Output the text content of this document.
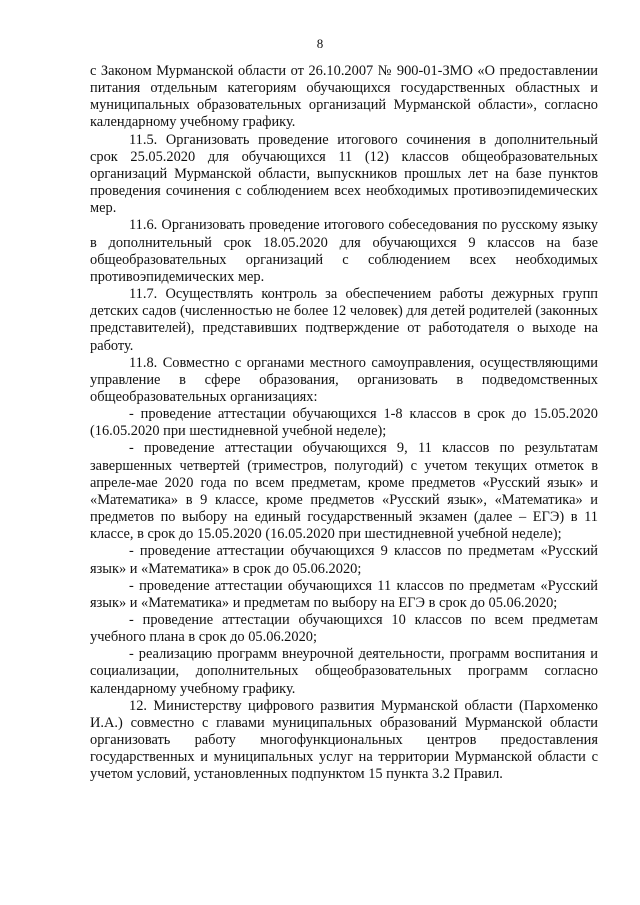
8

с Законом Мурманской области от 26.10.2007 № 900-01-ЗМО «О предоставлении питания отдельным категориям обучающихся государственных областных и муниципальных образовательных организаций Мурманской области», согласно календарному учебному графику.

11.5. Организовать проведение итогового сочинения в дополнительный срок 25.05.2020 для обучающихся 11 (12) классов общеобразовательных организаций Мурманской области, выпускников прошлых лет на базе пунктов проведения сочинения с соблюдением всех необходимых противоэпидемических мер.

11.6. Организовать проведение итогового собеседования по русскому языку в дополнительный срок 18.05.2020 для обучающихся 9 классов на базе общеобразовательных организаций с соблюдением всех необходимых противоэпидемических мер.

11.7. Осуществлять контроль за обеспечением работы дежурных групп детских садов (численностью не более 12 человек) для детей родителей (законных представителей), представивших подтверждение от работодателя о выходе на работу.

11.8. Совместно с органами местного самоуправления, осуществляющими управление в сфере образования, организовать в подведомственных общеобразовательных организациях:

- проведение аттестации обучающихся 1-8 классов в срок до 15.05.2020 (16.05.2020 при шестидневной учебной неделе);

- проведение аттестации обучающихся 9, 11 классов по результатам завершенных четвертей (триместров, полугодий) с учетом текущих отметок в апреле-мае 2020 года по всем предметам, кроме предметов «Русский язык» и «Математика» в 9 классе, кроме предметов «Русский язык», «Математика» и предметов по выбору на единый государственный экзамен (далее – ЕГЭ) в 11 классе, в срок до 15.05.2020 (16.05.2020 при шестидневной учебной неделе);

- проведение аттестации обучающихся 9 классов по предметам «Русский язык» и «Математика» в срок до 05.06.2020;

- проведение аттестации обучающихся 11 классов по предметам «Русский язык» и «Математика» и предметам по выбору на ЕГЭ в срок до 05.06.2020;

- проведение аттестации обучающихся 10 классов по всем предметам учебного плана в срок до 05.06.2020;

- реализацию программ внеурочной деятельности, программ воспитания и социализации, дополнительных общеобразовательных программ согласно календарному учебному графику.

12. Министерству цифрового развития Мурманской области (Пархоменко И.А.) совместно с главами муниципальных образований Мурманской области организовать работу многофункциональных центров предоставления государственных и муниципальных услуг на территории Мурманской области с учетом условий, установленных подпунктом 15 пункта 3.2 Правил.
